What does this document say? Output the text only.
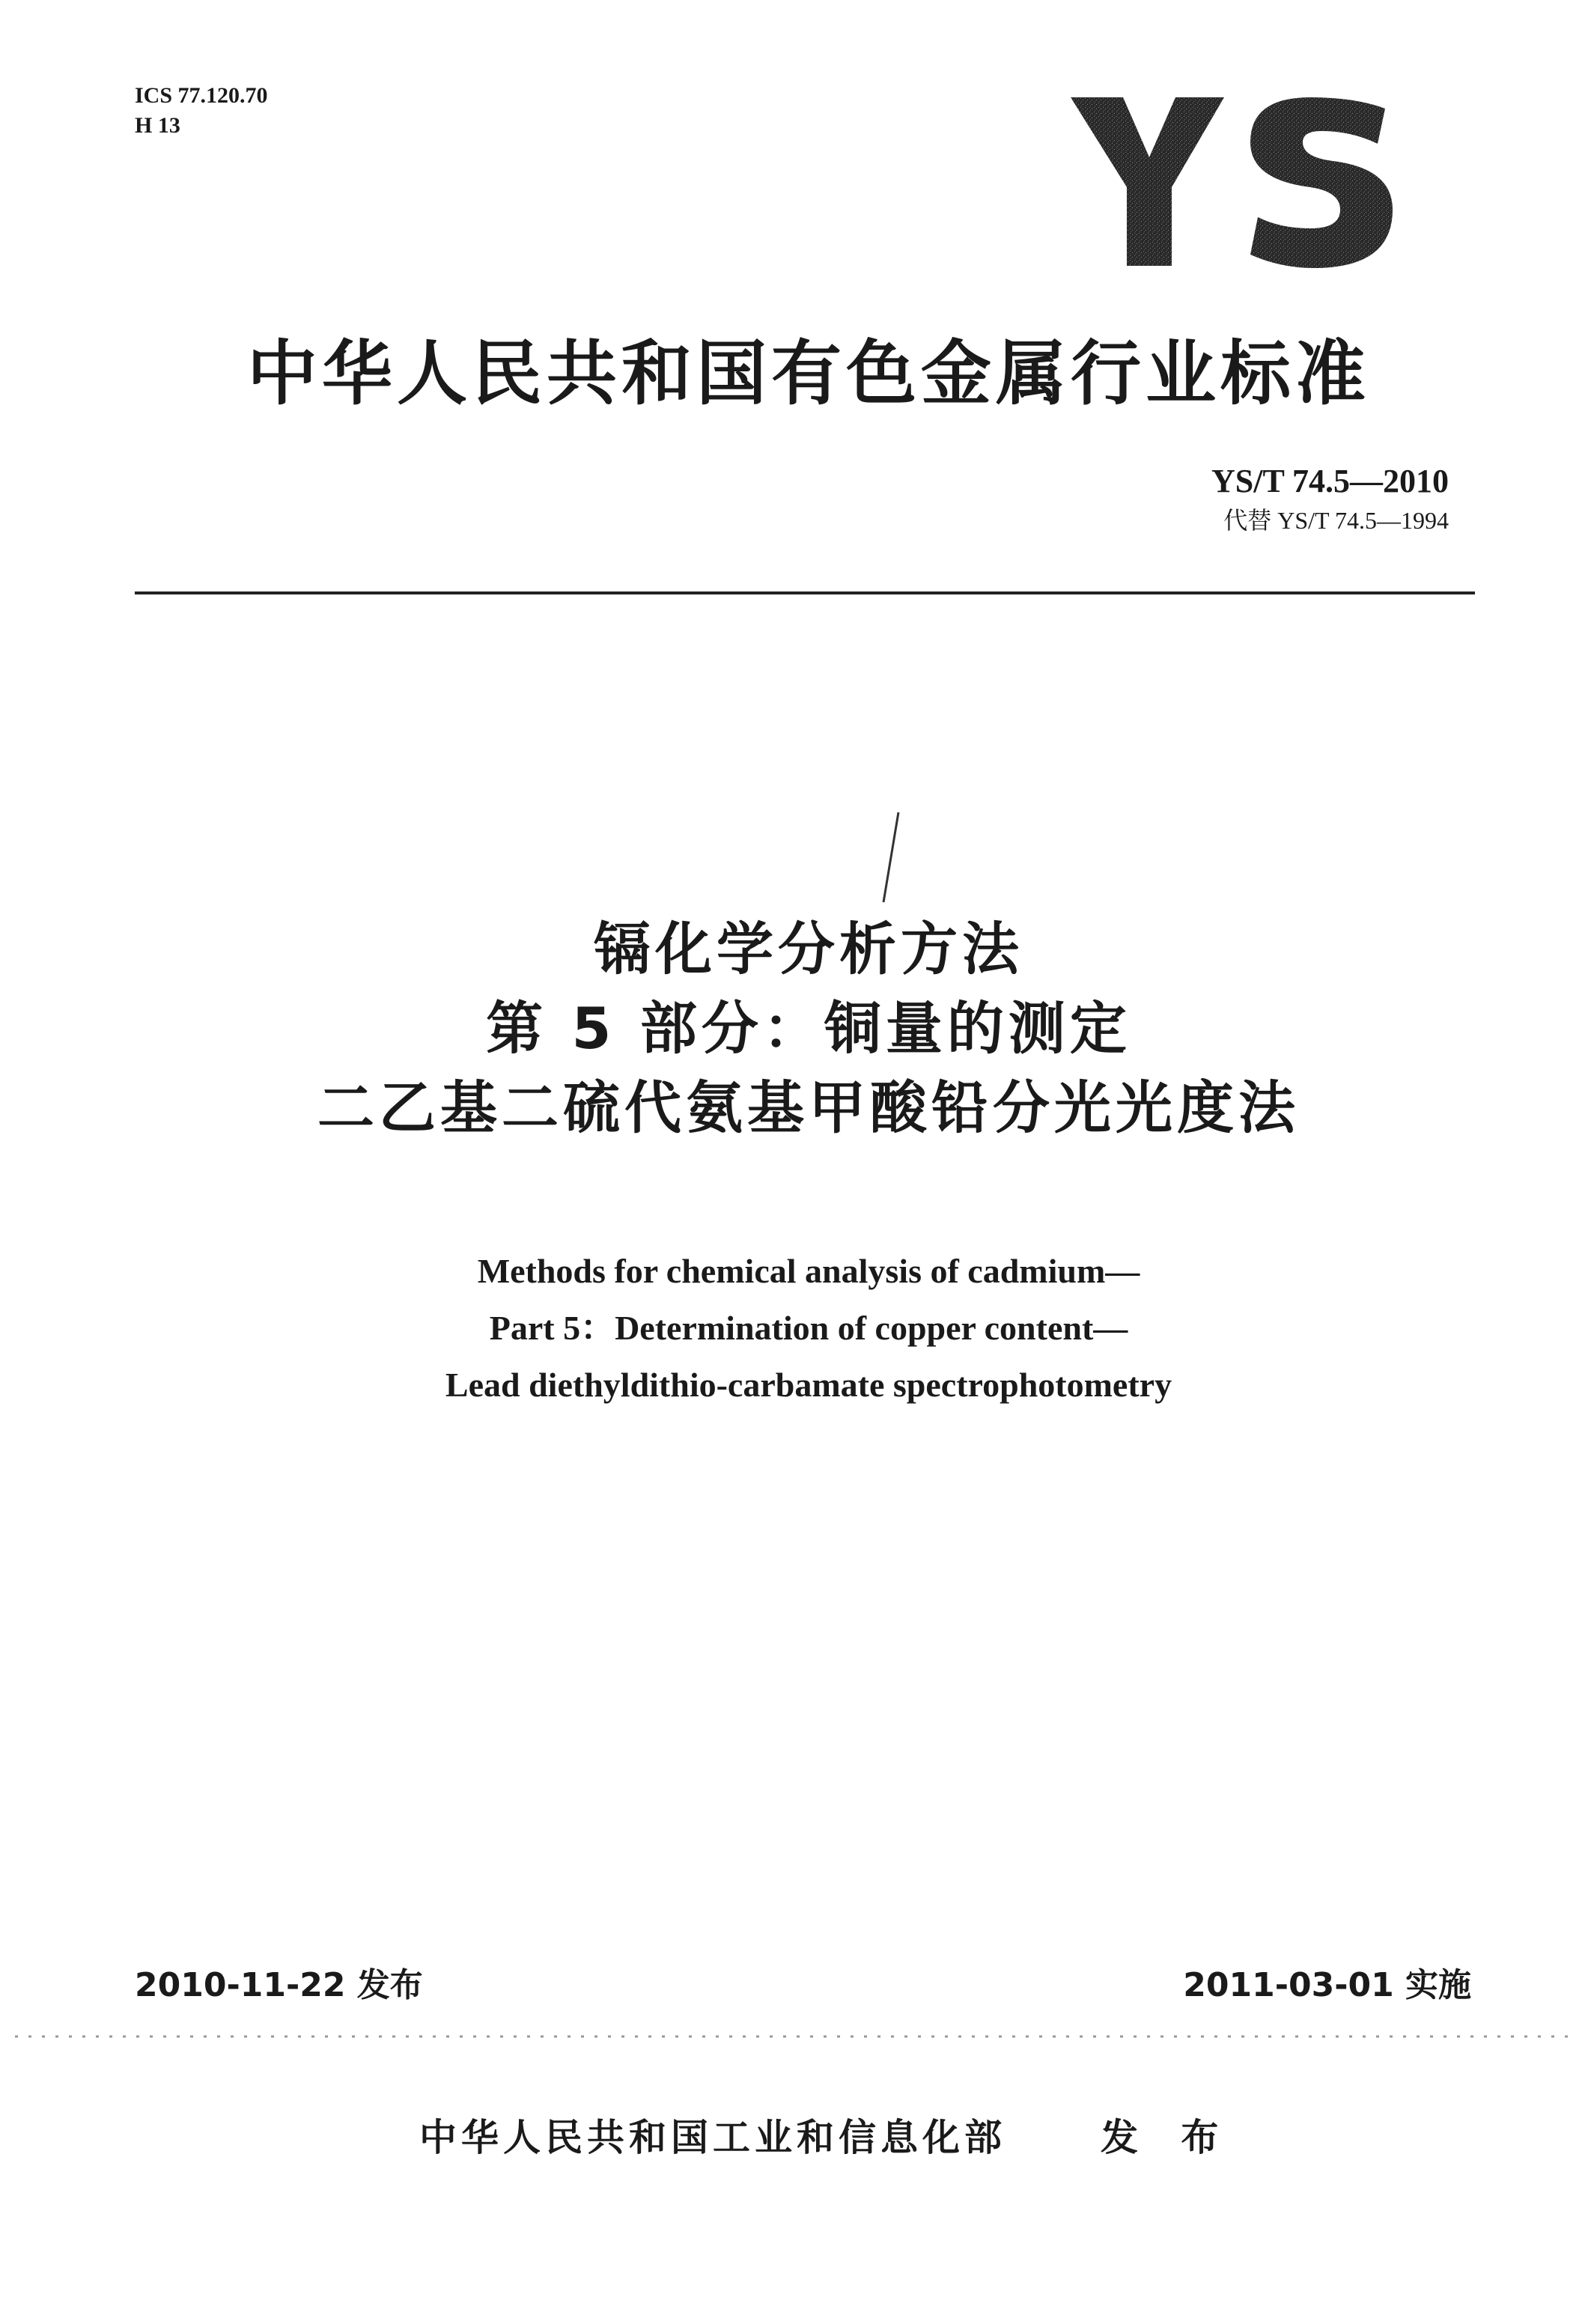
ICS 77.120.70
H 13
中华人民共和国有色金属行业标准
YS/T 74.5—2010
代替 YS/T 74.5—1994
镉化学分析方法
第 5 部分：铜量的测定
二乙基二硫代氨基甲酸铅分光光度法
Methods for chemical analysis of cadmium—
Part 5：Determination of copper content—
Lead diethyldithio-carbamate spectrophotometry
2010-11-22 发布	2011-03-01 实施
中华人民共和国工业和信息化部	发 布
